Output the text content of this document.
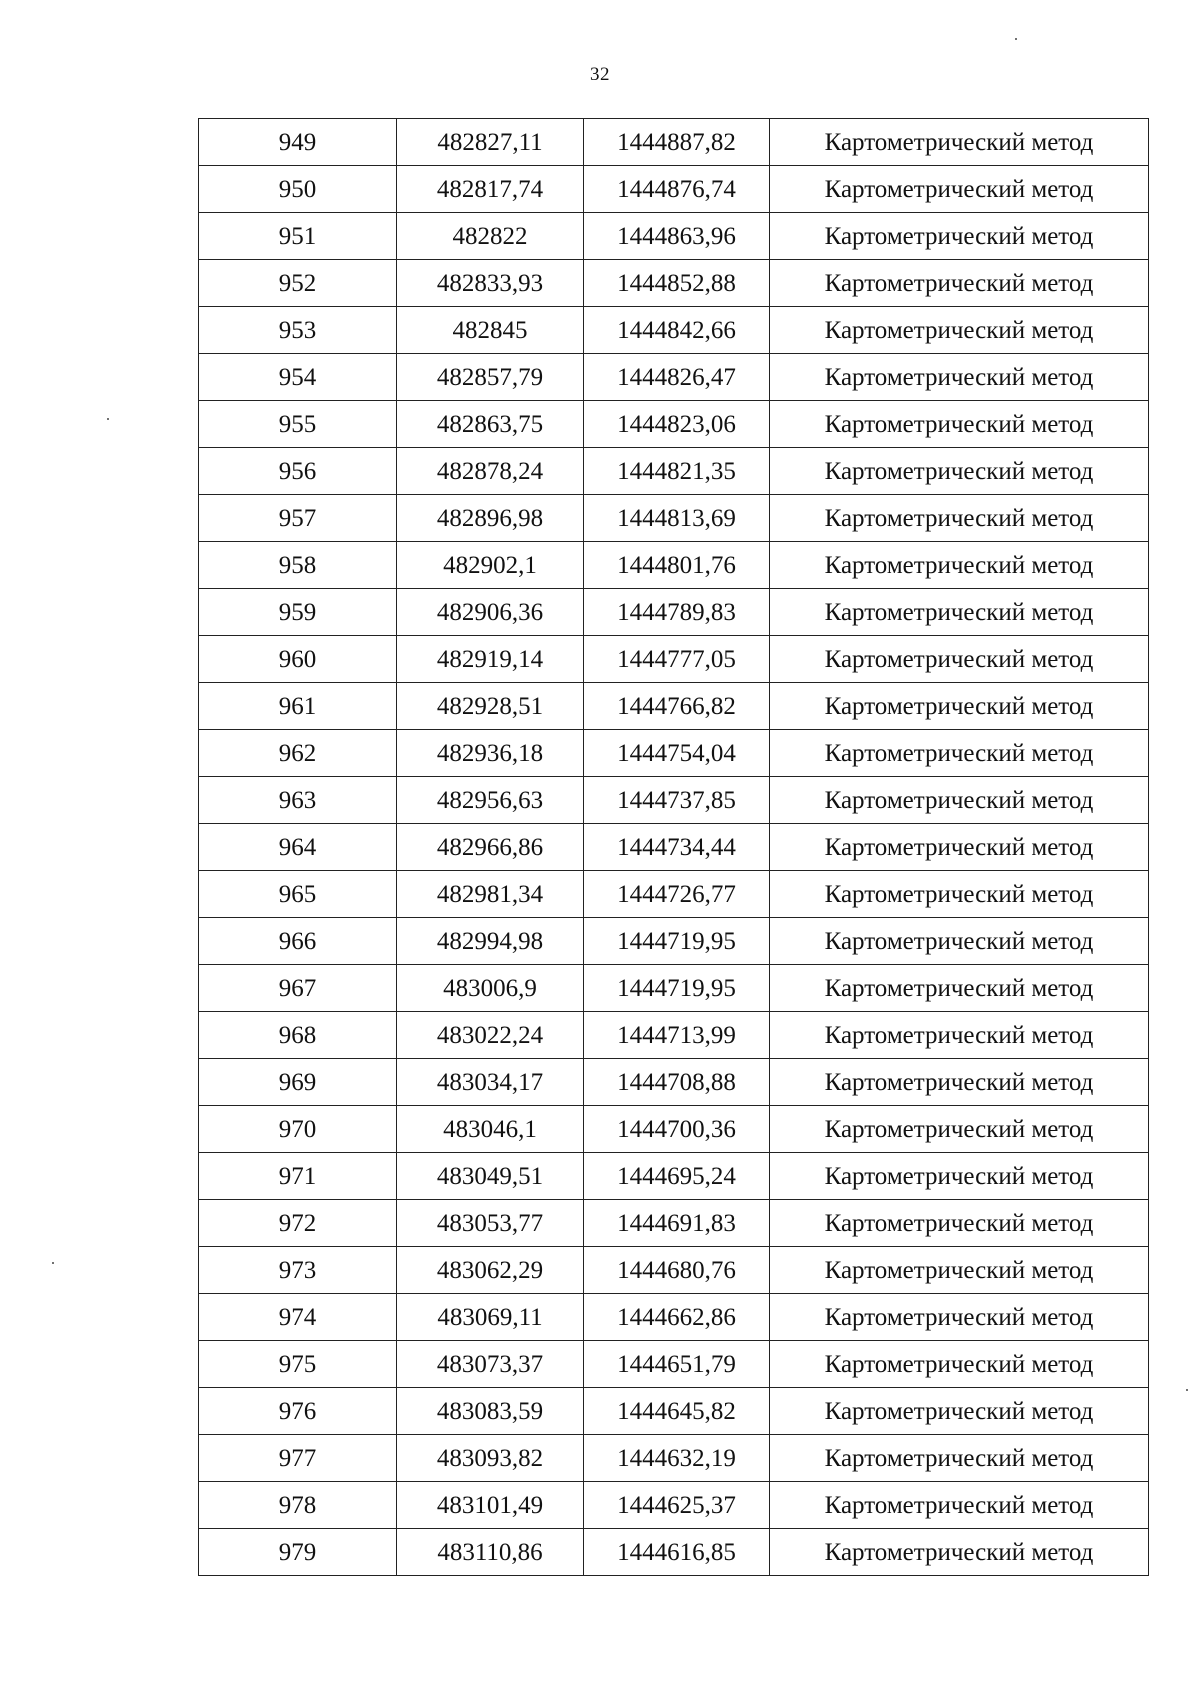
32
949	482827,11	1444887,82	Картометрический метод
950	482817,74	1444876,74	Картометрический метод
951	482822	1444863,96	Картометрический метод
952	482833,93	1444852,88	Картометрический метод
953	482845	1444842,66	Картометрический метод
954	482857,79	1444826,47	Картометрический метод
955	482863,75	1444823,06	Картометрический метод
956	482878,24	1444821,35	Картометрический метод
957	482896,98	1444813,69	Картометрический метод
958	482902,1	1444801,76	Картометрический метод
959	482906,36	1444789,83	Картометрический метод
960	482919,14	1444777,05	Картометрический метод
961	482928,51	1444766,82	Картометрический метод
962	482936,18	1444754,04	Картометрический метод
963	482956,63	1444737,85	Картометрический метод
964	482966,86	1444734,44	Картометрический метод
965	482981,34	1444726,77	Картометрический метод
966	482994,98	1444719,95	Картометрический метод
967	483006,9	1444719,95	Картометрический метод
968	483022,24	1444713,99	Картометрический метод
969	483034,17	1444708,88	Картометрический метод
970	483046,1	1444700,36	Картометрический метод
971	483049,51	1444695,24	Картометрический метод
972	483053,77	1444691,83	Картометрический метод
973	483062,29	1444680,76	Картометрический метод
974	483069,11	1444662,86	Картометрический метод
975	483073,37	1444651,79	Картометрический метод
976	483083,59	1444645,82	Картометрический метод
977	483093,82	1444632,19	Картометрический метод
978	483101,49	1444625,37	Картометрический метод
979	483110,86	1444616,85	Картометрический метод
